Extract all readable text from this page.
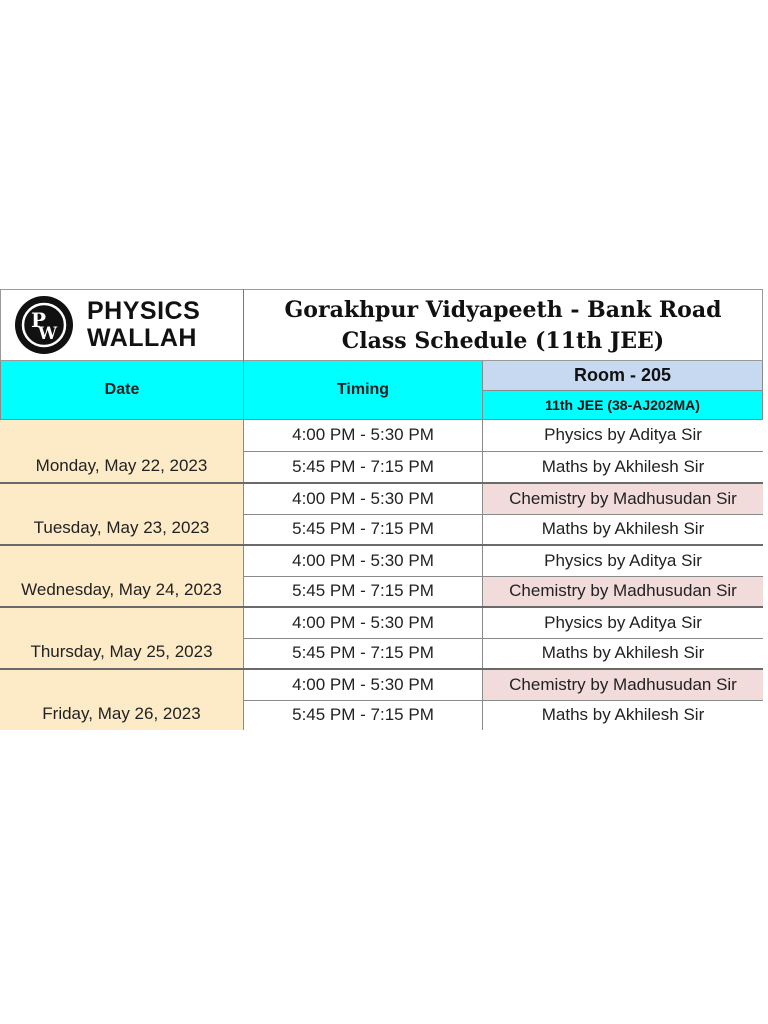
P
W
PHYSICS
WALLAH
Gorakhpur Vidyapeeth - Bank Road
Class Schedule (11th JEE)
Date	Timing
Room - 205
11th JEE (38-AJ202MA)
Monday, May 22, 2023
4:00 PM - 5:30 PM	Physics by Aditya Sir
5:45 PM - 7:15 PM	Maths by Akhilesh Sir
Tuesday, May 23, 2023
4:00 PM - 5:30 PM	Chemistry by Madhusudan Sir
5:45 PM - 7:15 PM	Maths by Akhilesh Sir
Wednesday, May 24, 2023
4:00 PM - 5:30 PM	Physics by Aditya Sir
5:45 PM - 7:15 PM	Chemistry by Madhusudan Sir
Thursday, May 25, 2023
4:00 PM - 5:30 PM	Physics by Aditya Sir
5:45 PM - 7:15 PM	Maths by Akhilesh Sir
Friday, May 26, 2023
4:00 PM - 5:30 PM	Chemistry by Madhusudan Sir
5:45 PM - 7:15 PM	Maths by Akhilesh Sir
